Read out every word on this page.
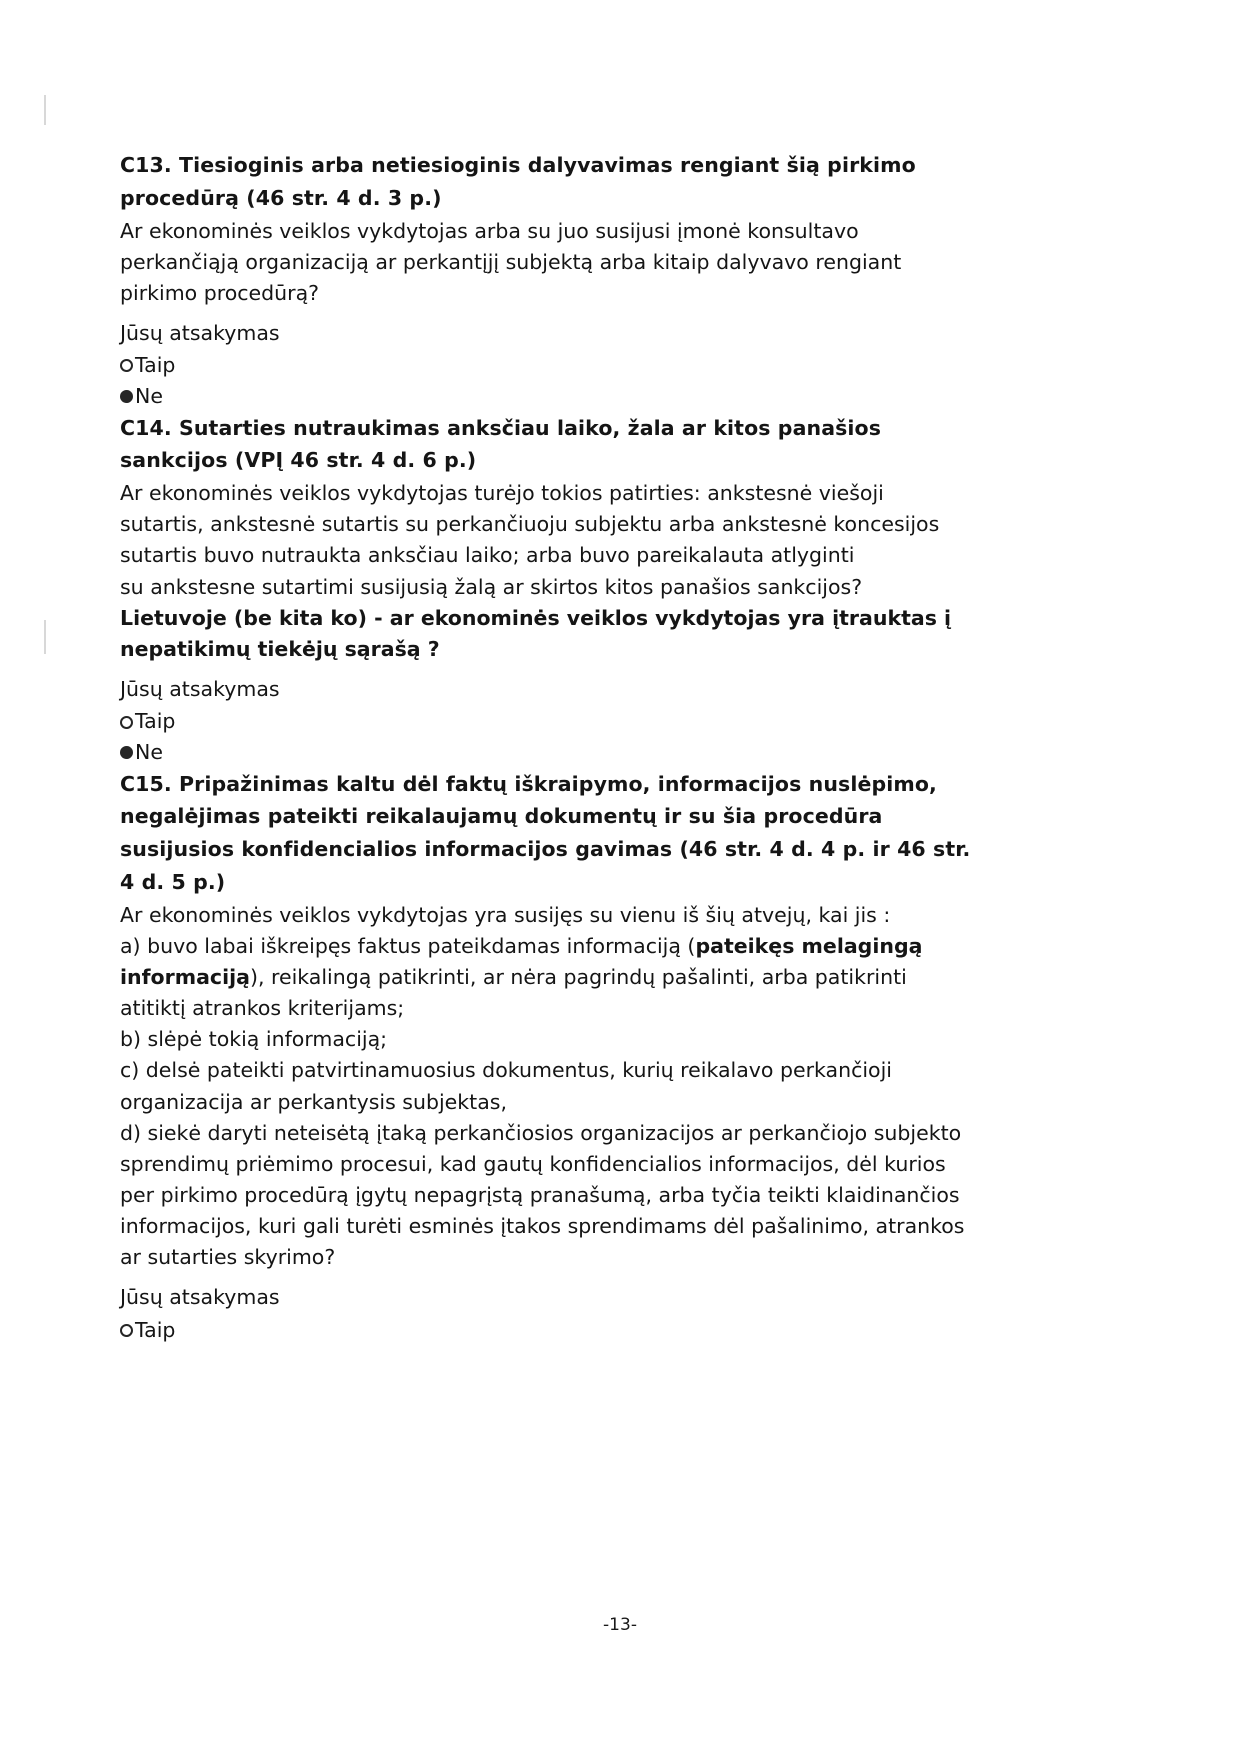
C13. Tiesioginis arba netiesioginis dalyvavimas rengiant šią pirkimo
procedūrą (46 str. 4 d. 3 p.)
Ar ekonominės veiklos vykdytojas arba su juo susijusi įmonė konsultavo
perkančiąją organizaciją ar perkantįjį subjektą arba kitaip dalyvavo rengiant
pirkimo procedūrą?
Jūsų atsakymas
Taip
Ne
C14. Sutarties nutraukimas anksčiau laiko, žala ar kitos panašios
sankcijos (VPĮ 46 str. 4 d. 6 p.)
Ar ekonominės veiklos vykdytojas turėjo tokios patirties: ankstesnė viešoji
sutartis, ankstesnė sutartis su perkančiuoju subjektu arba ankstesnė koncesijos
sutartis buvo nutraukta anksčiau laiko; arba buvo pareikalauta atlyginti
su ankstesne sutartimi susijusią žalą ar skirtos kitos panašios sankcijos?
Lietuvoje (be kita ko) - ar ekonominės veiklos vykdytojas yra įtrauktas į
nepatikimų tiekėjų sąrašą ?
Jūsų atsakymas
Taip
Ne
C15. Pripažinimas kaltu dėl faktų iškraipymo, informacijos nuslėpimo,
negalėjimas pateikti reikalaujamų dokumentų ir su šia procedūra
susijusios konfidencialios informacijos gavimas (46 str. 4 d. 4 p. ir 46 str.
4 d. 5 p.)
Ar ekonominės veiklos vykdytojas yra susijęs su vienu iš šių atvejų, kai jis :
a) buvo labai iškreipęs faktus pateikdamas informaciją (pateikęs melagingą
informaciją), reikalingą patikrinti, ar nėra pagrindų pašalinti, arba patikrinti
atitiktį atrankos kriterijams;
b) slėpė tokią informaciją;
c) delsė pateikti patvirtinamuosius dokumentus, kurių reikalavo perkančioji
organizacija ar perkantysis subjektas,
d) siekė daryti neteisėtą įtaką perkančiosios organizacijos ar perkančiojo subjekto
sprendimų priėmimo procesui, kad gautų konfidencialios informacijos, dėl kurios
per pirkimo procedūrą įgytų nepagrįstą pranašumą, arba tyčia teikti klaidinančios
informacijos, kuri gali turėti esminės įtakos sprendimams dėl pašalinimo, atrankos
ar sutarties skyrimo?
Jūsų atsakymas
Taip
-13-
